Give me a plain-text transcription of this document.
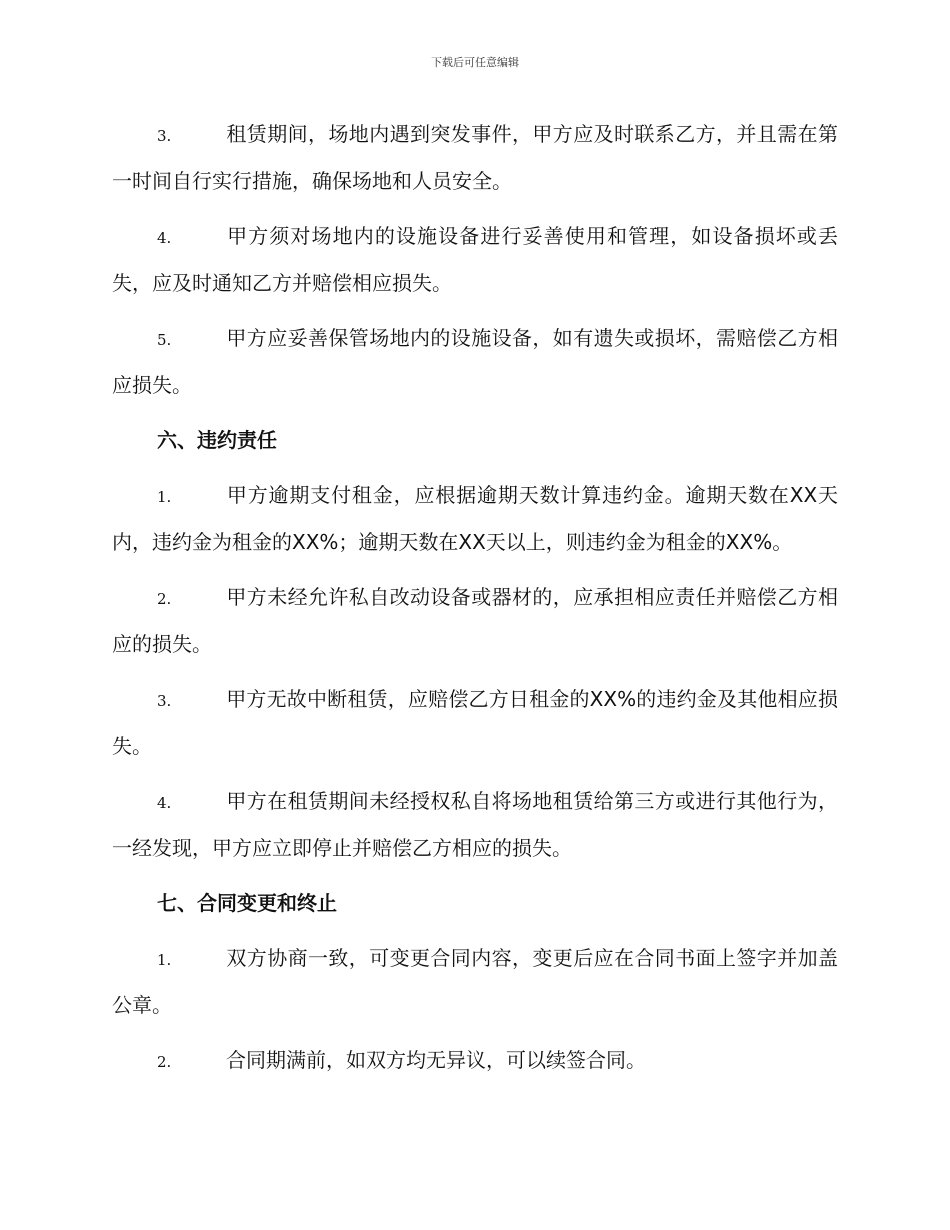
下载后可任意编辑

3.	租赁期间，场地内遇到突发事件，甲方应及时联系乙方，并且需在第一时间自行实行措施，确保场地和人员安全。

4.	甲方须对场地内的设施设备进行妥善使用和管理，如设备损坏或丢失，应及时通知乙方并赔偿相应损失。

5.	甲方应妥善保管场地内的设施设备，如有遗失或损坏，需赔偿乙方相应损失。

六、违约责任

1.	甲方逾期支付租金，应根据逾期天数计算违约金。逾期天数在XX天内，违约金为租金的XX%；逾期天数在XX天以上，则违约金为租金的XX%。

2.	甲方未经允许私自改动设备或器材的，应承担相应责任并赔偿乙方相应的损失。

3.	甲方无故中断租赁，应赔偿乙方日租金的XX%的违约金及其他相应损失。

4.	甲方在租赁期间未经授权私自将场地租赁给第三方或进行其他行为，一经发现，甲方应立即停止并赔偿乙方相应的损失。

七、合同变更和终止

1.	双方协商一致，可变更合同内容，变更后应在合同书面上签字并加盖公章。

2.	合同期满前，如双方均无异议，可以续签合同。
